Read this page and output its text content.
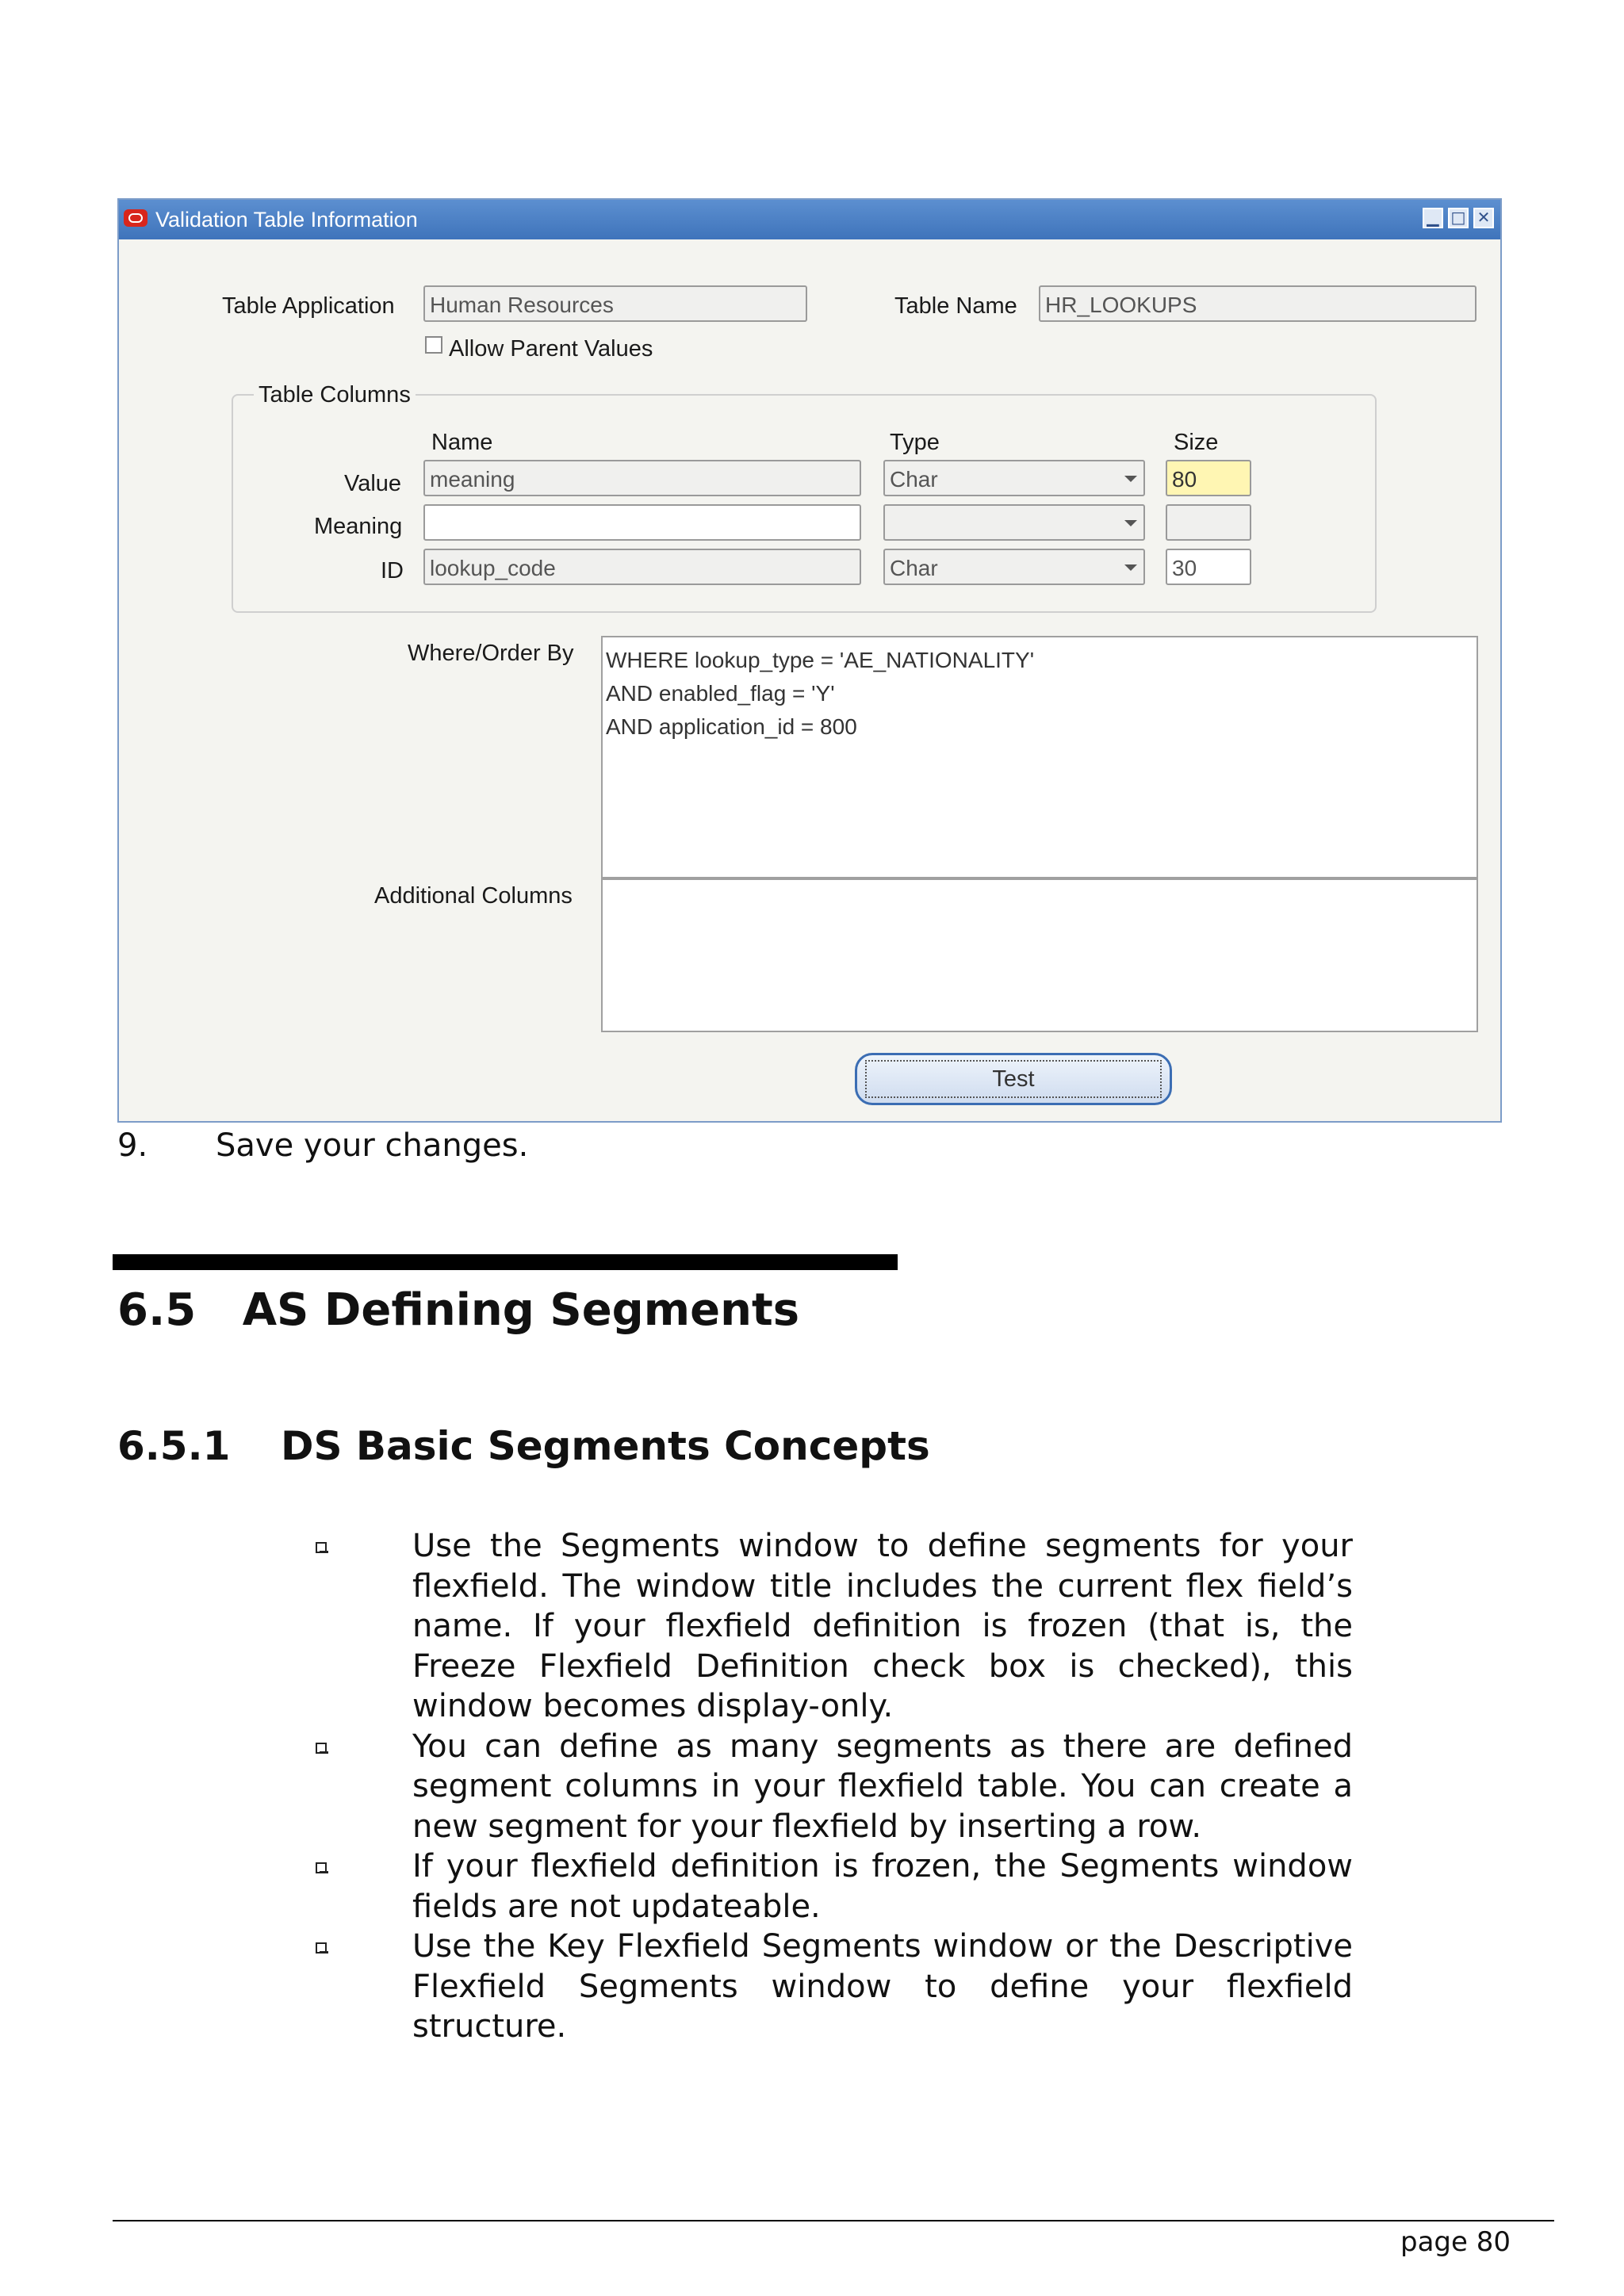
Validation Table Information	▁ □ ✕
Table Application Human Resources	Table Name HR_LOOKUPS
Allow Parent Values
Table Columns
Name	Type	Size
Value meaning	Char	80
Meaning
ID lookup_code	Char	30
Where/Order By WHERE lookup_type = 'AE_NATIONALITY'
AND enabled_flag = 'Y'
AND application_id = 800
Additional Columns
Test
9. Save your changes.
6.5 AS Defining Segments
6.5.1 DS Basic Segments Concepts

Use the Segments window to define segments for your flexfield. The window title includes the current flex field’s name. If your flexfield definition is frozen (that is, the Freeze Flexfield Definition check box is checked), this window becomes display-only.

You can define as many segments as there are defined segment columns in your flexfield table. You can create a new segment for your flexfield by inserting a row.

If your flexfield definition is frozen, the Segments window fields are not updateable.

Use the Key Flexfield Segments window or the Descriptive Flexfield Segments window to define your flexfield structure.

page 80
